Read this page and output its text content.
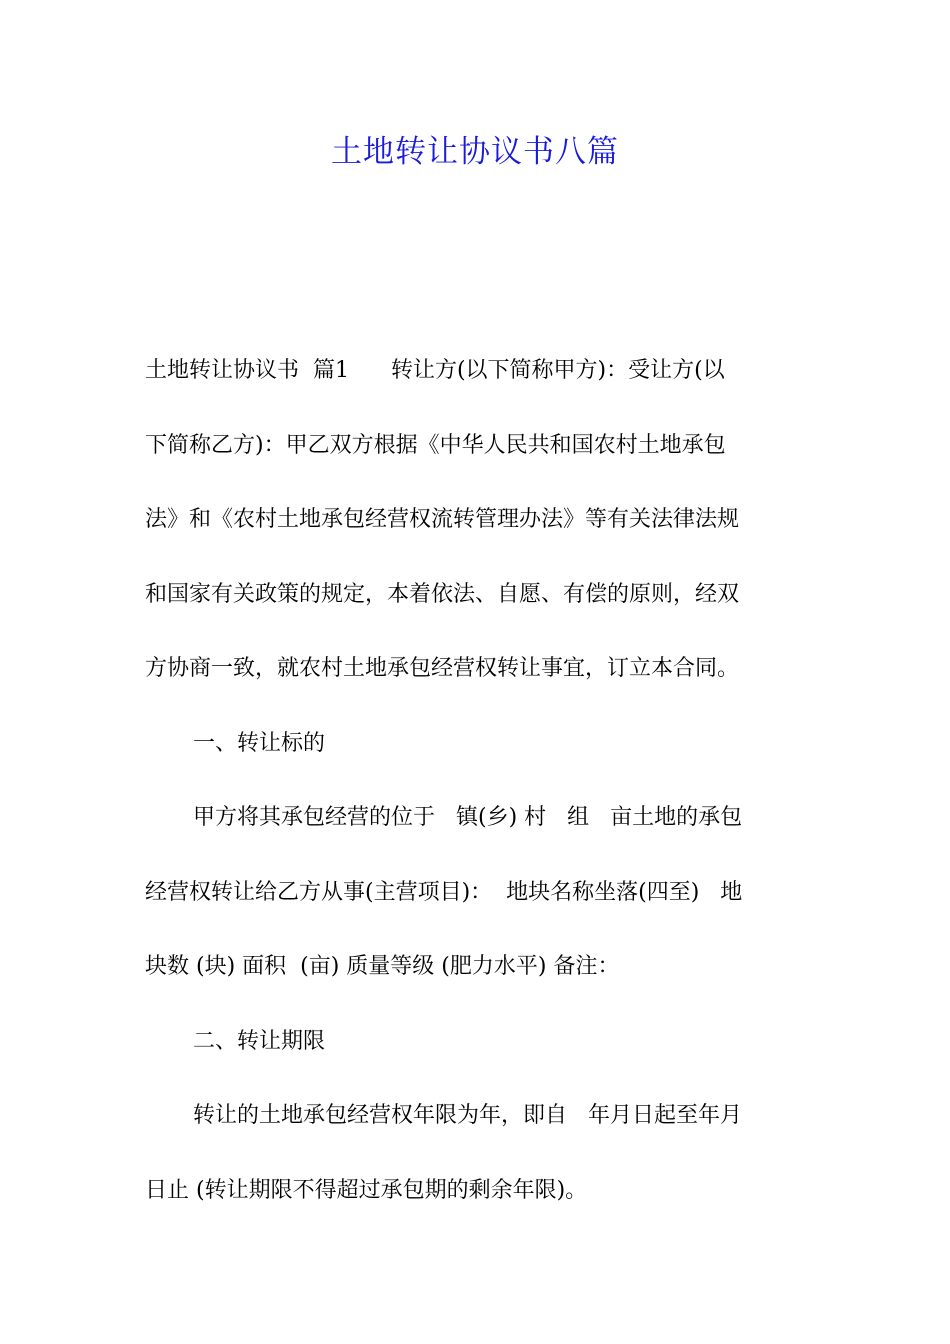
土地转让协议书八篇
土地转让协议书  篇1      转让方(以下简称甲方)：受让方(以
下简称乙方)：甲乙双方根据《中华人民共和国农村土地承包
法》和《农村土地承包经营权流转管理办法》等有关法律法规
和国家有关政策的规定，本着依法、自愿、有偿的原则，经双
方协商一致，就农村土地承包经营权转让事宜，订立本合同。
一、转让标的
甲方将其承包经营的位于   镇(乡) 村   组   亩土地的承包
经营权转让给乙方从事(主营项目)：  地块名称坐落(四至)   地
块数 (块) 面积  (亩) 质量等级 (肥力水平) 备注：
二、转让期限
转让的土地承包经营权年限为年，即自   年月日起至年月
日止 (转让期限不得超过承包期的剩余年限)。
